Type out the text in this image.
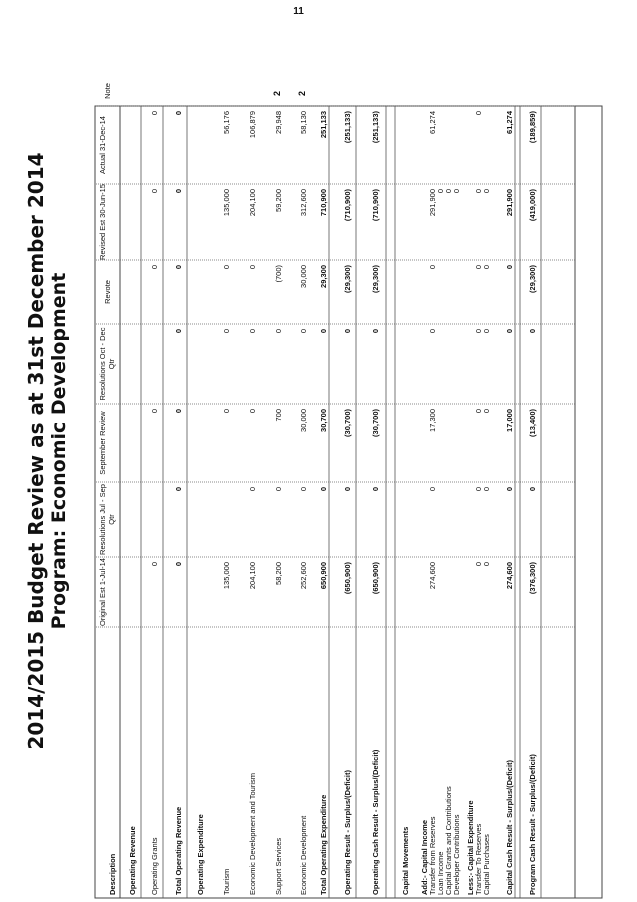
2014/2015 Budget Review as at 31st December 2014 Program: Economic Development
11
Description
Original Est 1-Jul-14
Resolutions Jul - Sep Qtr
September Review
Resolutions Oct - Dec Qtr
Revote
Revised Est 30-Jun-15
Actual 31-Dec-14
Note
Operating Revenue Operating Grants
0
0
0
0
0
Total Operating Revenue
0
0
0
0
0
0
0
Operating Expenditure Tourism
135,000
0
0
0
135,000
56,176
Economic Development and Tourism
204,100
0
0
0
0
204,100
106,879
Support Services
58,200
0
700
0
(700)
59,200
29,948
2
Economic Development
252,600
0
30,000
0
30,000
312,600
58,130
2
Total Operating Expenditure
650,900
0
30,700
0
29,300
710,900
251,133
Operating Result - Surplus/(Deficit)
(650,900)
0
(30,700)
0
(29,300)
(710,900)
(251,133)
Operating Cash Result - Surplus/(Deficit)
(650,900)
0
(30,700)
0
(29,300)
(710,900)
(251,133)
Capital Movements Add:- Capital Income Transfer from Reserves
274,600
0
17,300
0
0
291,900
61,274
Loan Income
0
Capital Grants and Contributions
0
Developer Contributions
0
Less:- Capital Expenditure Transfer To Reserves
0
0
0
0
0
0
0
Capital Purchases
0
0
0
0
0
0
Capital Cash Result - Surplus/(Deficit)
274,600
0
17,000
0
0
291,900
61,274
Program Cash Result - Surplus/(Deficit)
(376,300)
0
(13,400)
0
(29,300)
(419,000)
(189,859)
